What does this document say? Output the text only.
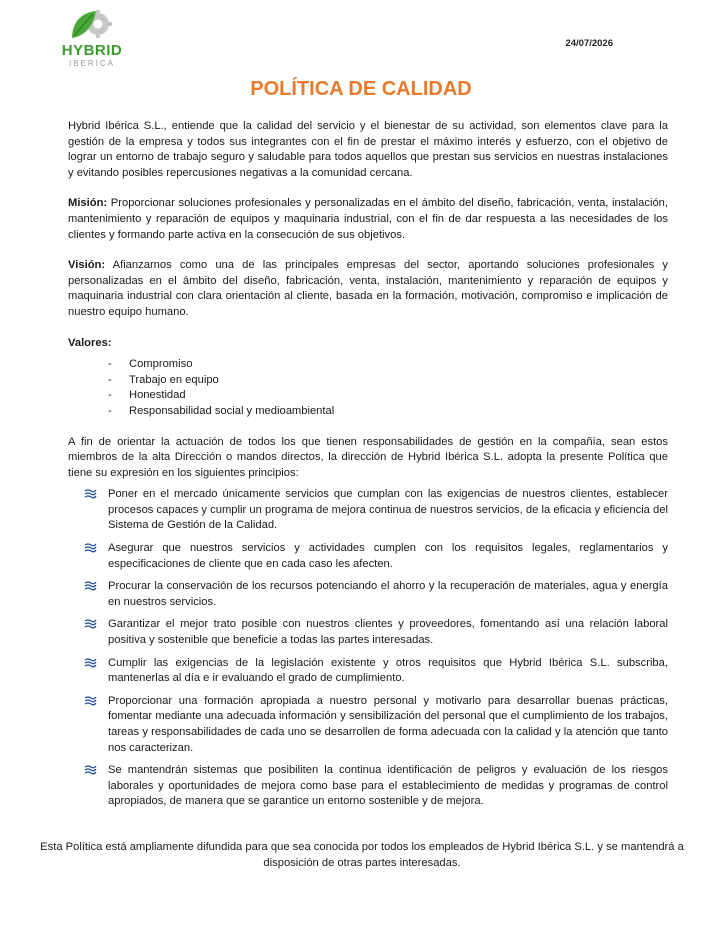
HYBRID
IBERICA
24/07/2026
POLÍTICA DE CALIDAD

Hybrid Ibérica S.L., entiende que la calidad del servicio y el bienestar de su actividad, son elementos clave para la gestión de la empresa y todos sus integrantes con el fin de prestar el máximo interés y esfuerzo, con el objetivo de lograr un entorno de trabajo seguro y saludable para todos aquellos que prestan sus servicios en nuestras instalaciones y evitando posibles repercusiones negativas a la comunidad cercana.

Misión: Proporcionar soluciones profesionales y personalizadas en el ámbito del diseño, fabricación, venta, instalación, mantenimiento y reparación de equipos y maquinaria industrial, con el fin de dar respuesta a las necesidades de los clientes y formando parte activa en la consecución de sus objetivos.

Visión: Afianzarnos como una de las principales empresas del sector, aportando soluciones profesionales y personalizadas en el ámbito del diseño, fabricación, venta, instalación, mantenimiento y reparación de equipos y maquinaria industrial con clara orientación al cliente, basada en la formación, motivación, compromiso e implicación de nuestro equipo humano.

Valores:

- Compromiso
- Trabajo en equipo
- Honestidad
- Responsabilidad social y medioambiental

A fin de orientar la actuación de todos los que tienen responsabilidades de gestión en la compañía, sean estos miembros de la alta Dirección o mandos directos, la dirección de Hybrid Ibérica S.L. adopta la presente Política que tiene su expresión en los siguientes principios:

Poner en el mercado únicamente servicios que cumplan con las exigencias de nuestros clientes, establecer procesos capaces y cumplir un programa de mejora continua de nuestros servicios, de la eficacia y eficiencia del Sistema de Gestión de la Calidad.
Asegurar que nuestros servicios y actividades cumplen con los requisitos legales, reglamentarios y especificaciones de cliente que en cada caso les afecten.
Procurar la conservación de los recursos potenciando el ahorro y la recuperación de materiales, agua y energía en nuestros servicios.
Garantizar el mejor trato posible con nuestros clientes y proveedores, fomentando así una relación laboral positiva y sostenible que beneficie a todas las partes interesadas.
Cumplir las exigencias de la legislación existente y otros requisitos que Hybrid Ibérica S.L. subscriba, mantenerlas al día e ir evaluando el grado de cumplimiento.
Proporcionar una formación apropiada a nuestro personal y motivarlo para desarrollar buenas prácticas, fomentar mediante una adecuada información y sensibilización del personal que el cumplimiento de los trabajos, tareas y responsabilidades de cada uno se desarrollen de forma adecuada con la calidad y la atención que tanto nos caracterizan.
Se mantendrán sistemas que posibiliten la continua identificación de peligros y evaluación de los riesgos laborales y oportunidades de mejora como base para el establecimiento de medidas y programas de control apropiados, de manera que se garantice un entorno sostenible y de mejora.
Esta Política está ampliamente difundida para que sea conocida por todos los empleados de Hybrid Ibérica S.L. y se mantendrá a disposición de otras partes interesadas.
